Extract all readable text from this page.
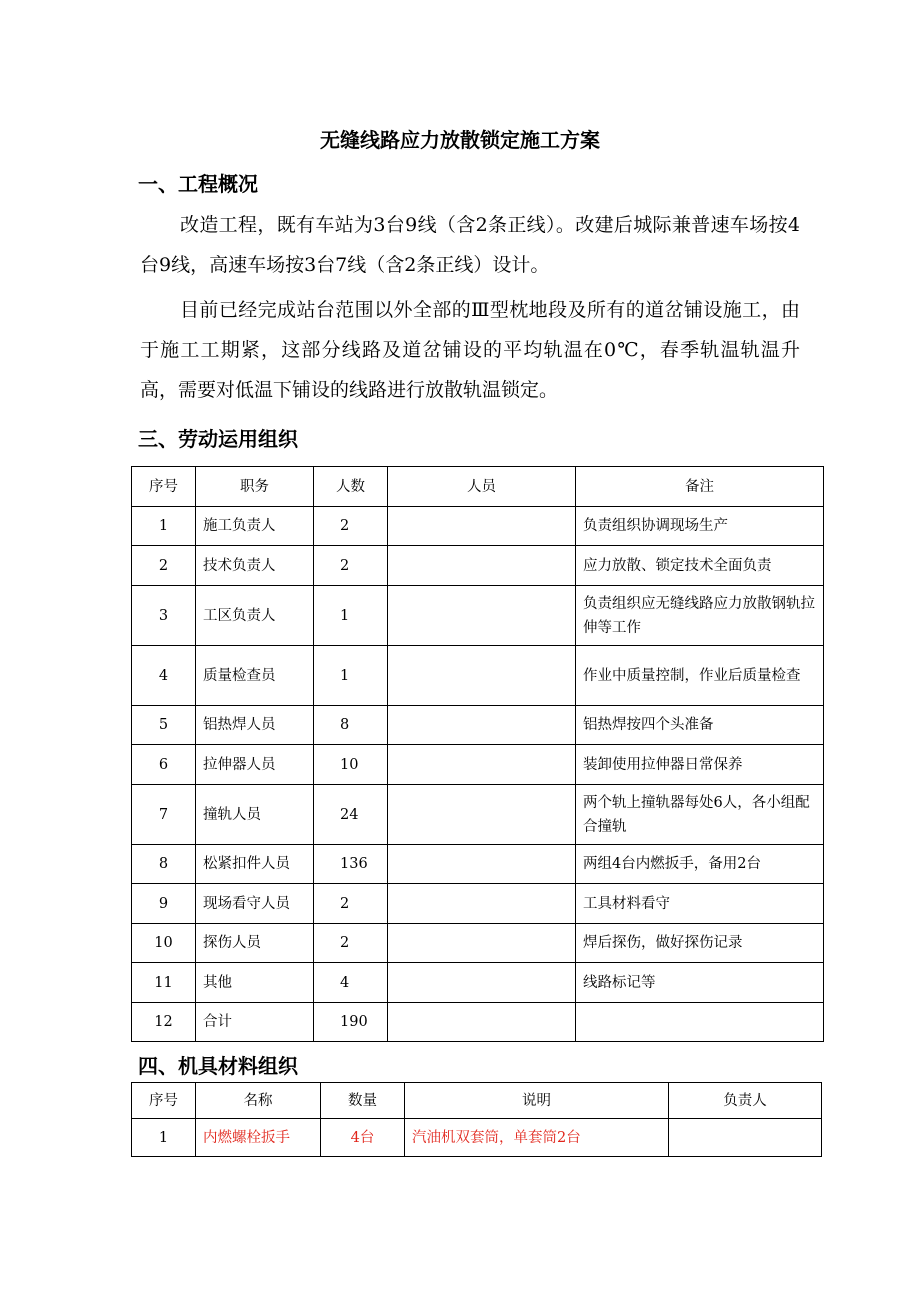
无缝线路应力放散锁定施工方案
一、工程概况

改造工程，既有车站为3台9线（含2条正线）。改建后城际兼普速车场按4台9线，高速车场按3台7线（含2条正线）设计。

目前已经完成站台范围以外全部的Ⅲ型枕地段及所有的道岔铺设施工，由于施工工期紧，这部分线路及道岔铺设的平均轨温在0℃，春季轨温轨温升高，需要对低温下铺设的线路进行放散轨温锁定。

三、劳动运用组织
序号	职务	人数	人员	备注
1	施工负责人	2		负责组织协调现场生产
2	技术负责人	2		应力放散、锁定技术全面负责
3	工区负责人	1		负责组织应无缝线路应力放散钢轨拉伸等工作
4	质量检查员	1		作业中质量控制，作业后质量检查
5	铝热焊人员	8		铝热焊按四个头准备
6	拉伸器人员	10		装卸使用拉伸器日常保养
7	撞轨人员	24		两个轨上撞轨器每处6人，各小组配合撞轨
8	松紧扣件人员	136		两组4台内燃扳手，备用2台
9	现场看守人员	2		工具材料看守
10	探伤人员	2		焊后探伤，做好探伤记录
11	其他	4		线路标记等
12	合计	190		
四、机具材料组织
序号	名称	数量	说明	负责人
1	内燃螺栓扳手	4台	汽油机双套筒，单套筒2台	
